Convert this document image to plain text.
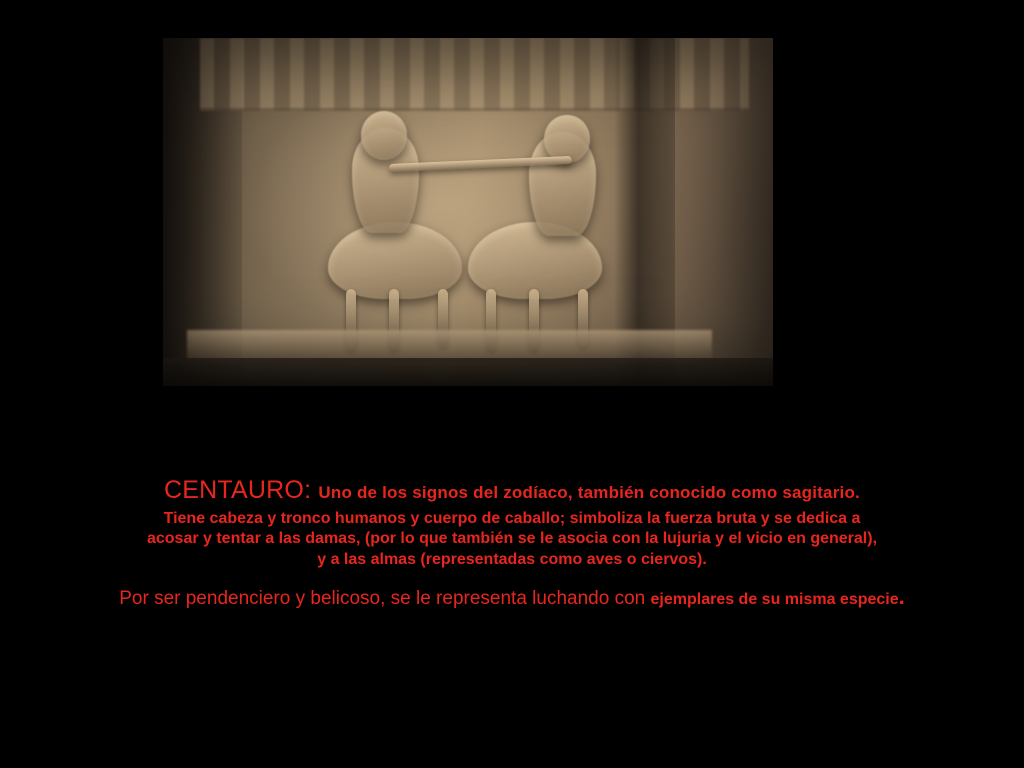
CENTAURO: Uno de los signos del zodíaco, también conocido como sagitario.
Tiene cabeza y tronco humanos y cuerpo de caballo; simboliza la fuerza bruta y se dedica a
acosar y tentar a las damas, (por lo que también se le asocia con la lujuria y el vicio en general),
y a las almas (representadas como aves o ciervos).
Por ser pendenciero y belicoso, se le representa luchando con ejemplares de su misma especie.
